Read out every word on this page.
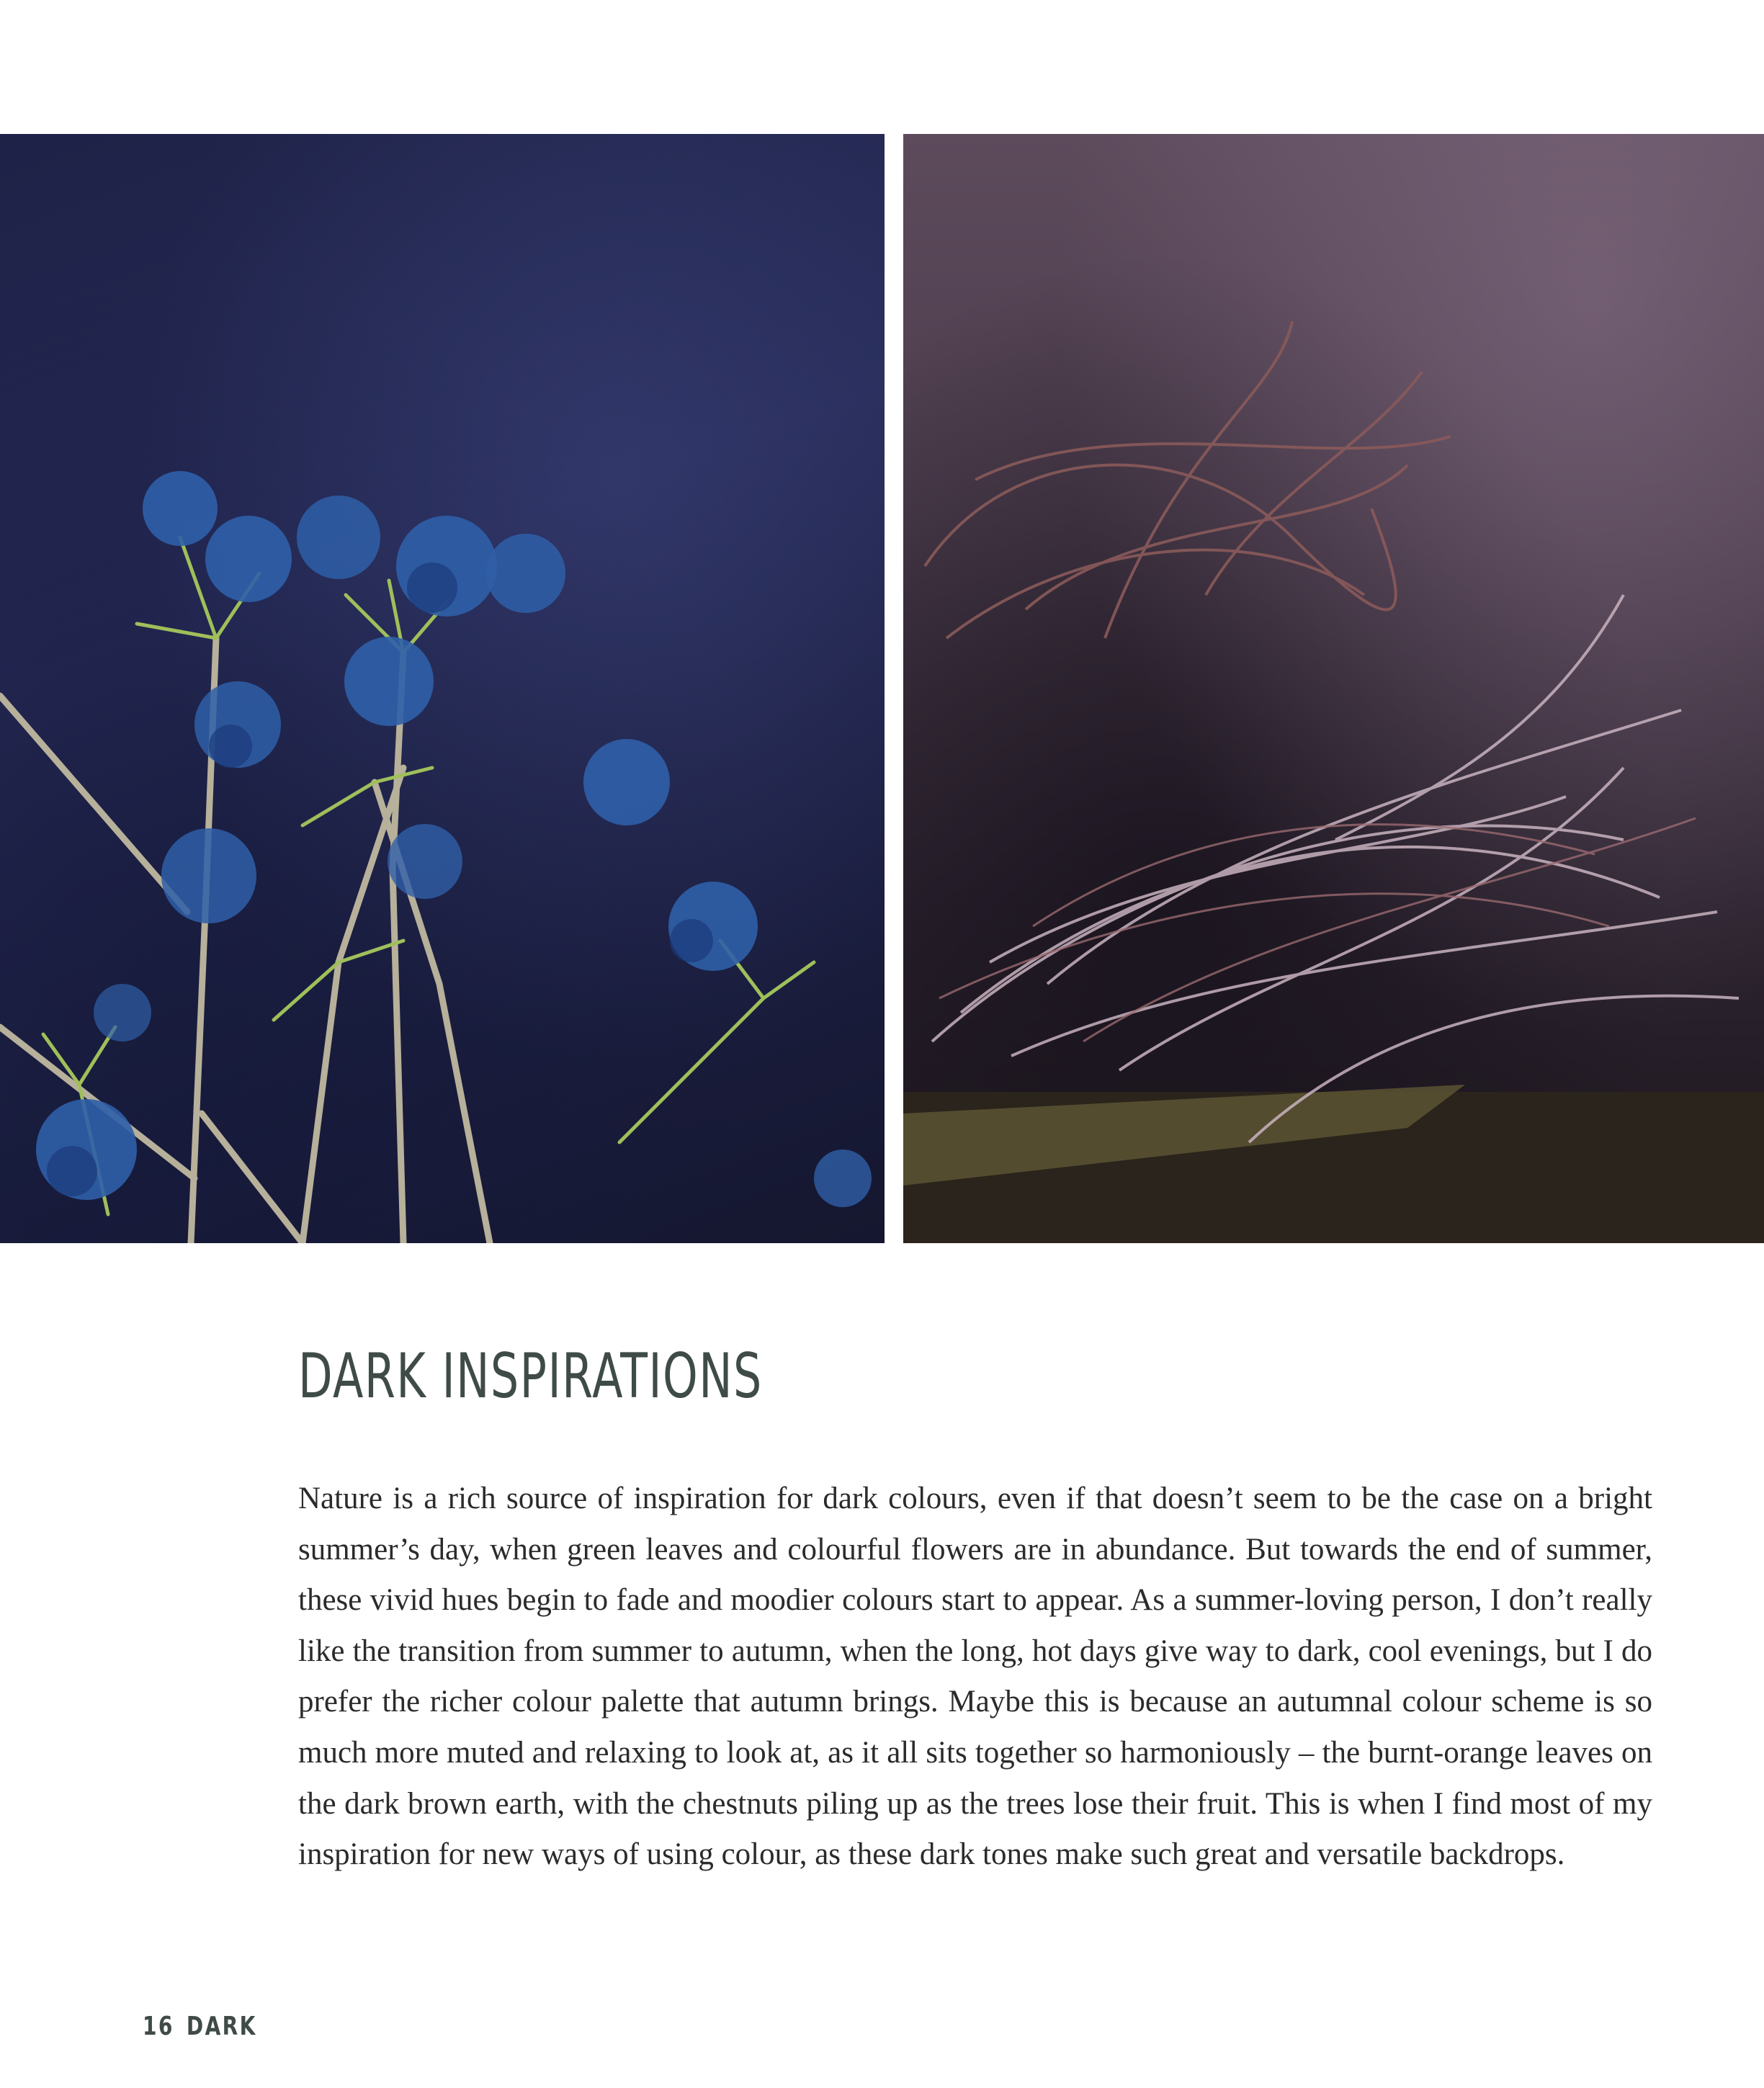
DARK INSPIRATIONS

Nature is a rich source of inspiration for dark colours, even if that doesn’t seem to be the case on a bright summer’s day, when green leaves and colourful flowers are in abundance. But towards the end of summer, these vivid hues begin to fade and moodier colours start to appear. As a summer-loving person, I don’t really like the transition from summer to autumn, when the long, hot days give way to dark, cool evenings, but I do prefer the richer colour palette that autumn brings. Maybe this is because an autumnal colour scheme is so much more muted and relaxing to look at, as it all sits together so harmoniously – the burnt-orange leaves on the dark brown earth, with the chestnuts piling up as the trees lose their fruit. This is when I find most of my inspiration for new ways of using colour, as these dark tones make such great and versatile backdrops.

16 DARK
